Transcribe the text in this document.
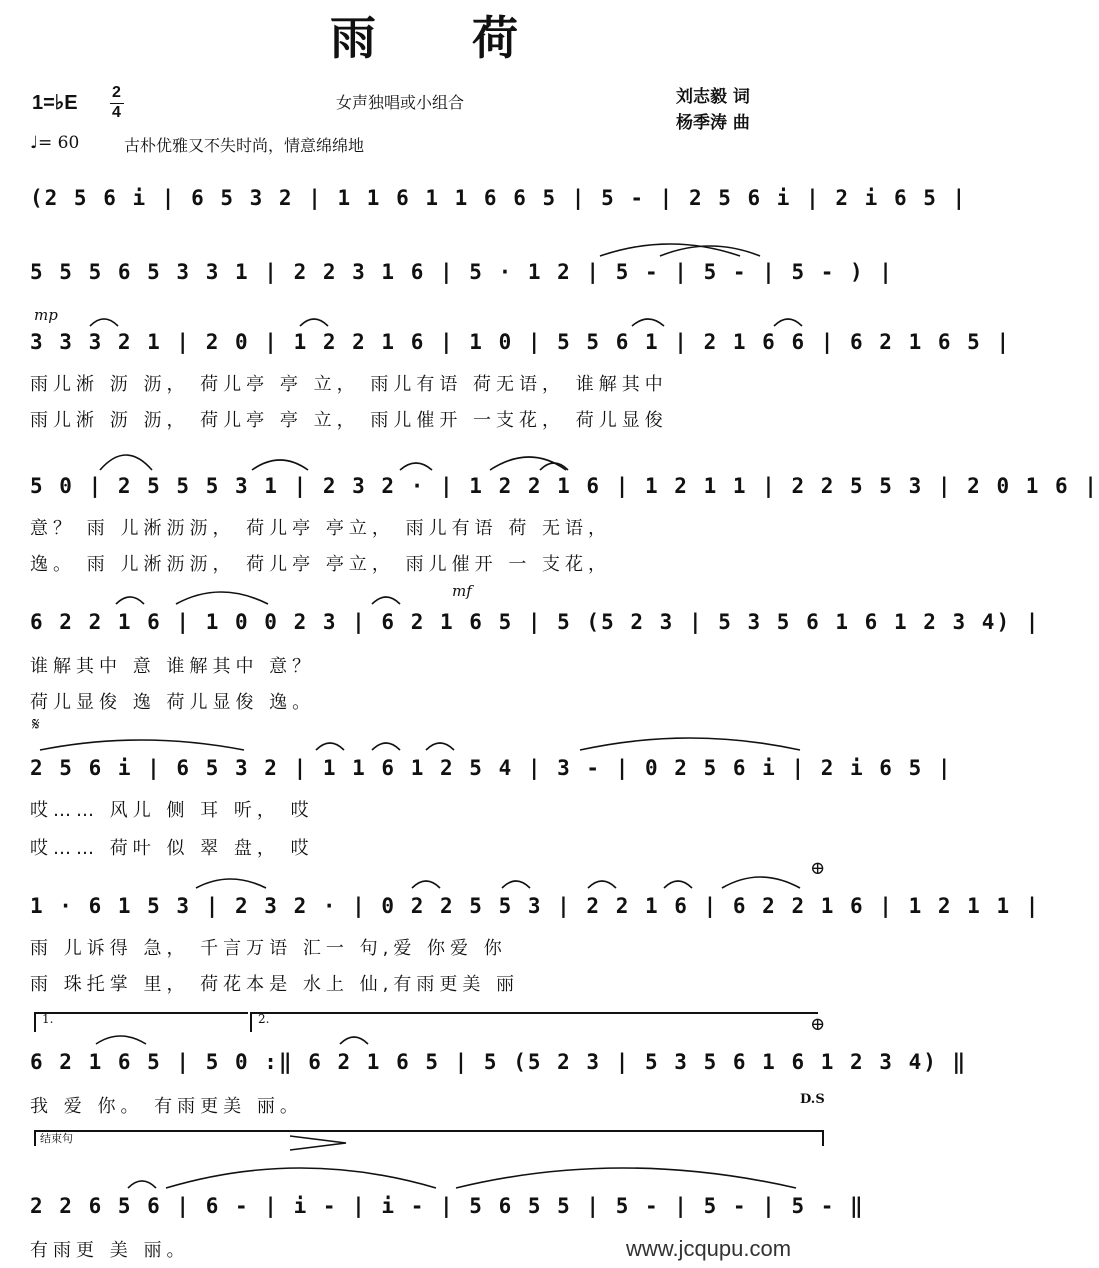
雨 荷
1=♭E 2
4
女声独唱或小组合	刘志毅 词
杨季涛 曲
♩= 60	古朴优雅又不失时尚，情意绵绵地
(2 5 6 i | 6 5 3 2 | 1 1 6 1 1 6 6 5 | 5 - | 2 5 6 i | 2 i 6 5 |
5 5 5 6 5 3 3 1 | 2 2 3 1 6 | 5 · 1 2 | 5 - | 5 - | 5 - ) |
mp
3 3 3 2 1 | 2 0 | 1 2 2 1 6 | 1 0 | 5 5 6 1 | 2 1 6 6 | 6 2 1 6 5 |
雨儿淅 沥 沥， 荷儿亭 亭 立， 雨儿有语 荷无语， 谁解其中
雨儿淅 沥 沥， 荷儿亭 亭 立， 雨儿催开 一支花， 荷儿显俊
5 0 | 2 5 5 5 3 1 | 2 3 2 · | 1 2 2 1 6 | 1 2 1 1 | 2 2 5 5 3 | 2 0 1 6 |
意？ 雨 儿淅沥沥， 荷儿亭 亭立， 雨儿有语 荷 无语，
逸。 雨 儿淅沥沥， 荷儿亭 亭立， 雨儿催开 一 支花，
mf
6 2 2 1 6 | 1 0 0 2 3 | 6 2 1 6 5 | 5 (5 2 3 | 5 3 5 6 1 6 1 2 3 4) |
谁解其中 意 谁解其中 意？
荷儿显俊 逸 荷儿显俊 逸。
𝄋
2 5 6 i | 6 5 3 2 | 1 1 6 1 2 5 4 | 3 - | 0 2 5 6 i | 2 i 6 5 |
哎…… 风儿 侧 耳 听， 哎
哎…… 荷叶 似 翠 盘， 哎
⊕
1 · 6 1 5 3 | 2 3 2 · | 0 2 2 5 5 3 | 2 2 1 6 | 6 2 2 1 6 | 1 2 1 1 |
雨 儿诉得 急， 千言万语 汇一 句,爱 你爱 你
雨 珠托掌 里， 荷花本是 水上 仙,有雨更美 丽
1.	2.	⊕
6 2 1 6 5 | 5 0 :‖ 6 2 1 6 5 | 5 (5 2 3 | 5 3 5 6 1 6 1 2 3 4) ‖
我 爱 你。 有雨更美 丽。	D.S
结束句
2 2 6 5 6 | 6 - | i - | i - | 5 6 5 5 | 5 - | 5 - | 5 - ‖
有雨更 美 丽。	www.jcqupu.com
